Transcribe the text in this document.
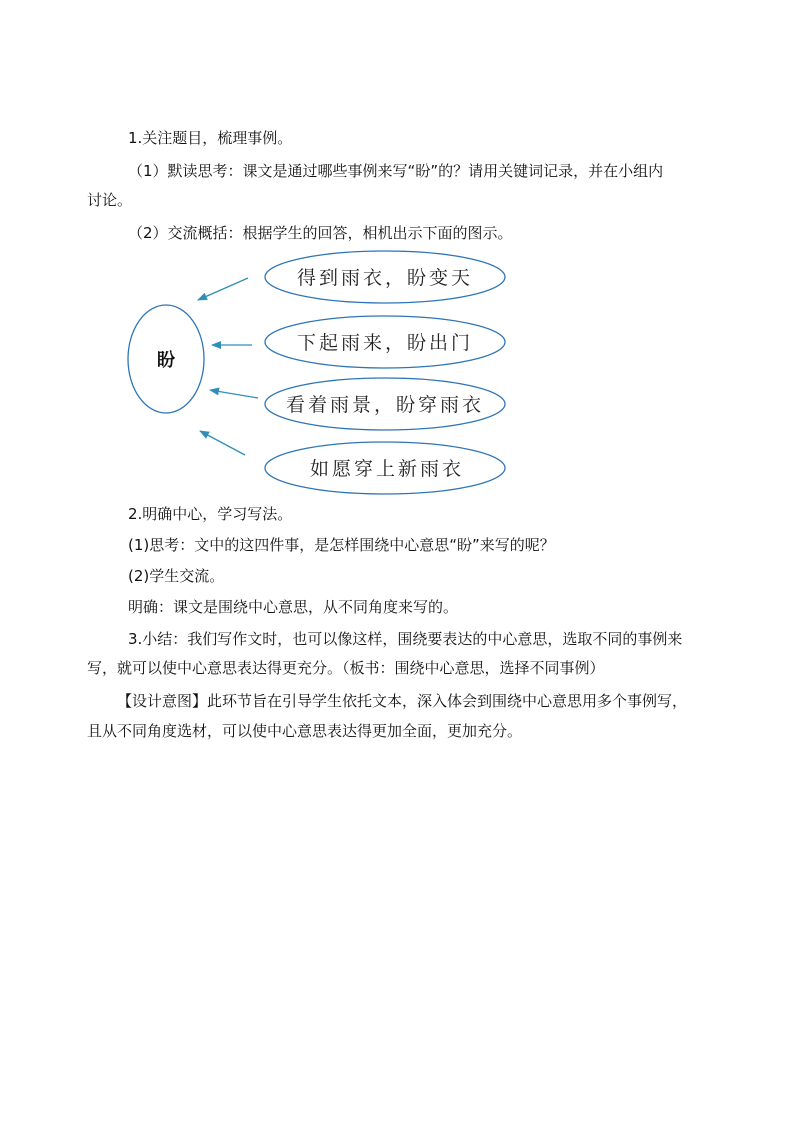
1.关注题目，梳理事例。

（1）默读思考：课文是通过哪些事例来写“盼”的？请用关键词记录，并在小组内

讨论。

（2）交流概括：根据学生的回答，相机出示下面的图示。

盼
得到雨衣，盼变天
下起雨来，盼出门
看着雨景，盼穿雨衣
如愿穿上新雨衣

2.明确中心，学习写法。

(1)思考：文中的这四件事，是怎样围绕中心意思“盼”来写的呢？

(2)学生交流。

明确：课文是围绕中心意思，从不同角度来写的。

3.小结：我们写作文时，也可以像这样，围绕要表达的中心意思，选取不同的事例来

写，就可以使中心意思表达得更充分。（板书：围绕中心意思，选择不同事例）

【设计意图】此环节旨在引导学生依托文本，深入体会到围绕中心意思用多个事例写，

且从不同角度选材，可以使中心意思表达得更加全面，更加充分。
